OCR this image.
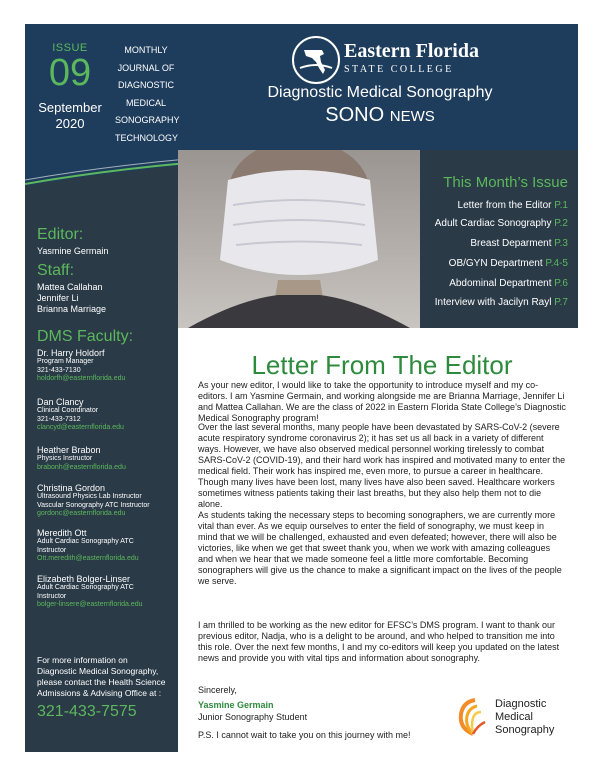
ISSUE
09
September
2020
MONTHLY
JOURNAL OF
DIAGNOSTIC
MEDICAL
SONOGRAPHY
TECHNOLOGY
Eastern Florida
STATE COLLEGE
Diagnostic Medical Sonography
SONO NEWS
This Month’s Issue
Letter from the Editor P.1
Adult Cardiac Sonography P.2
Breast Deparment P.3
OB/GYN Department P.4-5
Abdominal Department P.6
Interview with Jacilyn Rayl P.7
Editor:
Yasmine Germain
Staff:
Mattea Callahan
Jennifer Li
Brianna Marriage
DMS Faculty:
Dr. Harry Holdorf
Program Manager
321-433-7130
holdorfh@easternflorida.edu
Dan Clancy
Clinical Coordinator
321-433-7312
clancyd@easternflorida.edu
Heather Brabon
Physics Instructor
brabonh@easternflorida.edu
Christina Gordon
Ultrasound Physics Lab Instructor
Vascular Sonography ATC Instructor
gordonc@easternflorida.edu
Meredith Ott
Adult Cardiac Sonography ATC
Instructor
Ott.meredith@easternflorida.edu
Elizabeth Bolger-Linser
Adult Cardiac Sonography ATC
Instructor
bolger-linsere@easternflorida.edu
For more information on Diagnostic Medical Sonography, please contact the Health Science Admissions & Advising Office at :
321-433-7575
Letter From The Editor

As your new editor, I would like to take the opportunity to introduce myself and my co-editors. I am Yasmine Germain, and working alongside me are Brianna Marriage, Jennifer Li and Mattea Callahan. We are the class of 2022 in Eastern Florida State College’s Diagnostic Medical Sonography program!

Over the last several months, many people have been devastated by SARS-CoV-2 (severe acute respiratory syndrome coronavirus 2); it has set us all back in a variety of different ways. However, we have also observed medical personnel working tirelessly to combat SARS-CoV-2 (COVID-19), and their hard work has inspired and motivated many to enter the medical field. Their work has inspired me, even more, to pursue a career in healthcare. Though many lives have been lost, many lives have also been saved. Healthcare workers sometimes witness patients taking their last breaths, but they also help them not to die alone.

As students taking the necessary steps to becoming sonographers, we are currently more vital than ever. As we equip ourselves to enter the field of sonography, we must keep in mind that we will be challenged, exhausted and even defeated; however, there will also be victories, like when we get that sweet thank you, when we work with amazing colleagues and when we hear that we made someone feel a little more comfortable. Becoming sonographers will give us the chance to make a significant impact on the lives of the people we serve.

I am thrilled to be working as the new editor for EFSC’s DMS program. I want to thank our previous editor, Nadja, who is a delight to be around, and who helped to transition me into this role. Over the next few months, I and my co-editors will keep you updated on the latest news and provide you with vital tips and information about sonography.

Sincerely,
Yasmine Germain
Junior Sonography Student
P.S. I cannot wait to take you on this journey with me!
Diagnostic
Medical
Sonography
